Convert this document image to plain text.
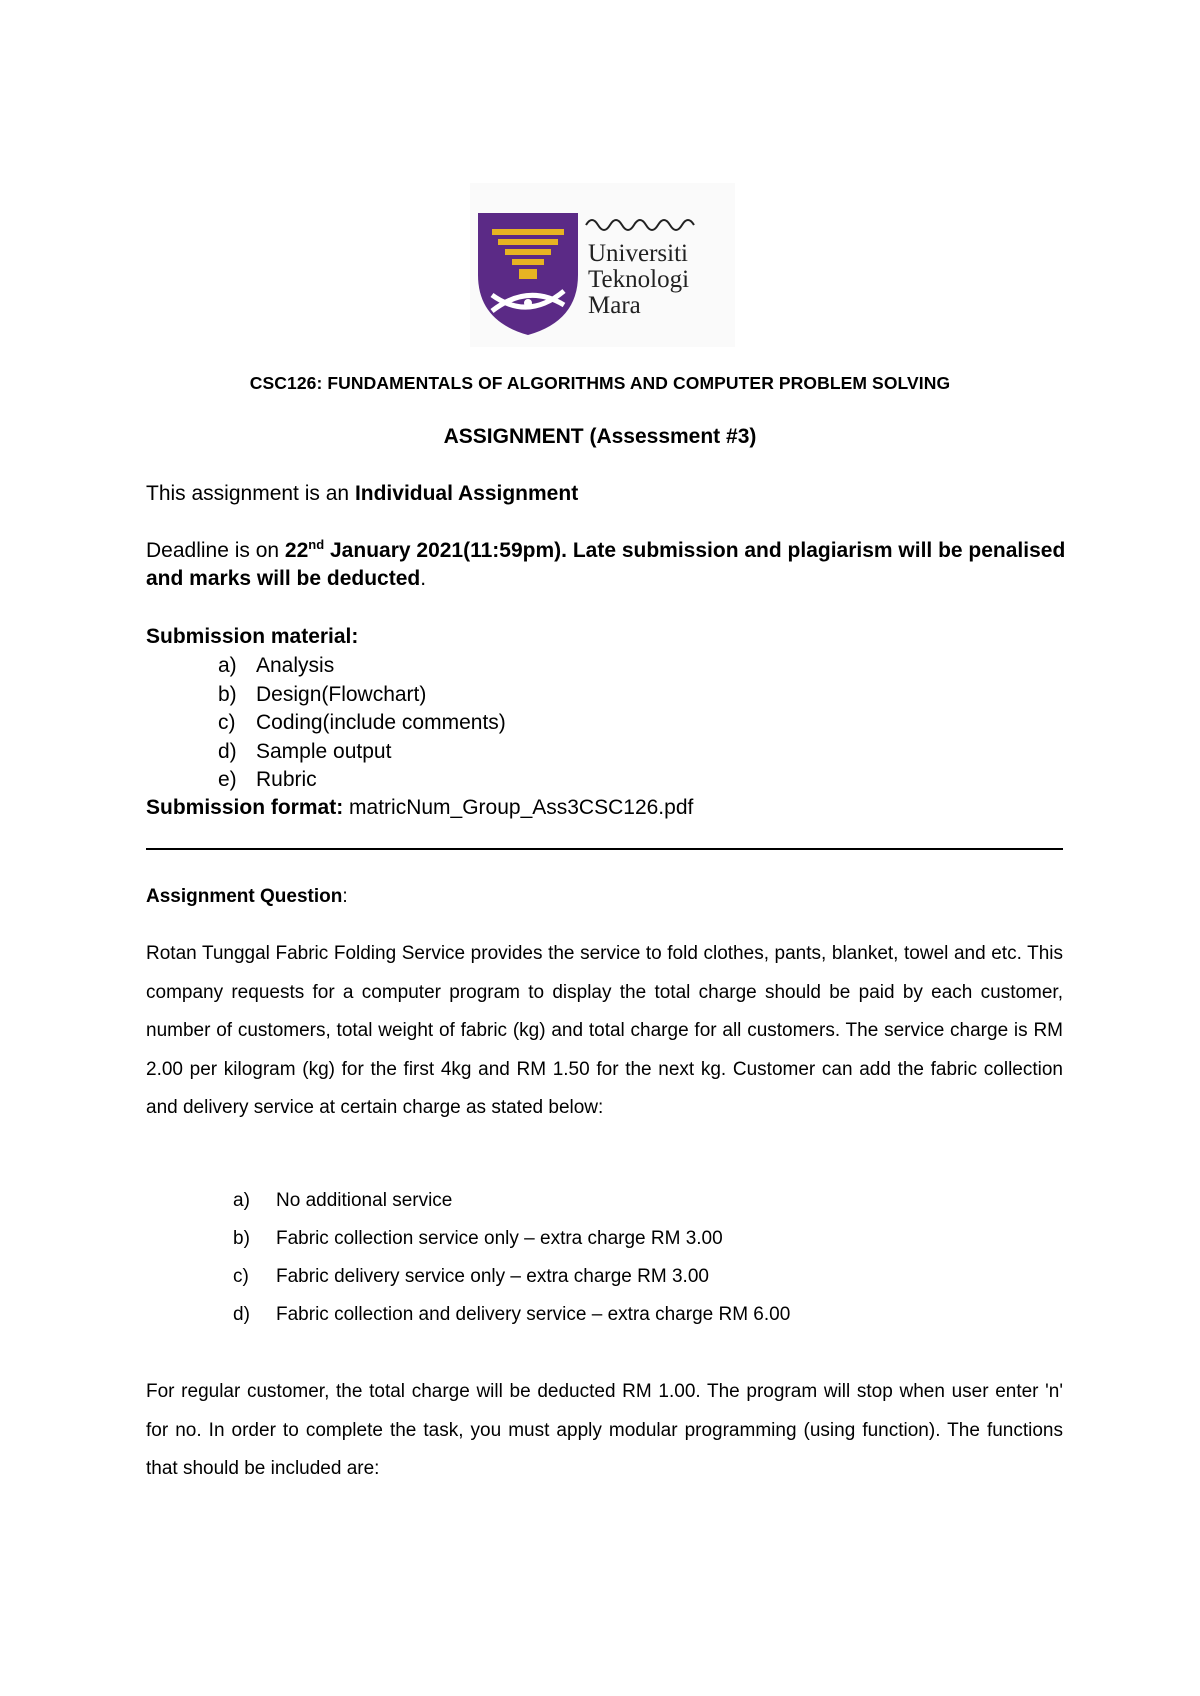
Universiti
Teknologi
Mara
CSC126: FUNDAMENTALS OF ALGORITHMS AND COMPUTER PROBLEM SOLVING
ASSIGNMENT (Assessment #3)
This assignment is an Individual Assignment
Deadline is on 22nd January 2021(11:59pm). Late submission and plagiarism will be penalised and marks will be deducted.
Submission material:
a) Analysis
b) Design(Flowchart)
c) Coding(include comments)
d) Sample output
e) Rubric
Submission format: matricNum_Group_Ass3CSC126.pdf
Assignment Question:
Rotan Tunggal Fabric Folding Service provides the service to fold clothes, pants, blanket, towel and etc. This company requests for a computer program to display the total charge should be paid by each customer, number of customers, total weight of fabric (kg) and total charge for all customers. The service charge is RM 2.00 per kilogram (kg) for the first 4kg and RM 1.50 for the next kg. Customer can add the fabric collection and delivery service at certain charge as stated below:
a)	No additional service
b)	Fabric collection service only – extra charge RM 3.00
c)	Fabric delivery service only – extra charge RM 3.00
d)	Fabric collection and delivery service – extra charge RM 6.00
For regular customer, the total charge will be deducted RM 1.00. The program will stop when user enter 'n' for no. In order to complete the task, you must apply modular programming (using function). The functions that should be included are:
